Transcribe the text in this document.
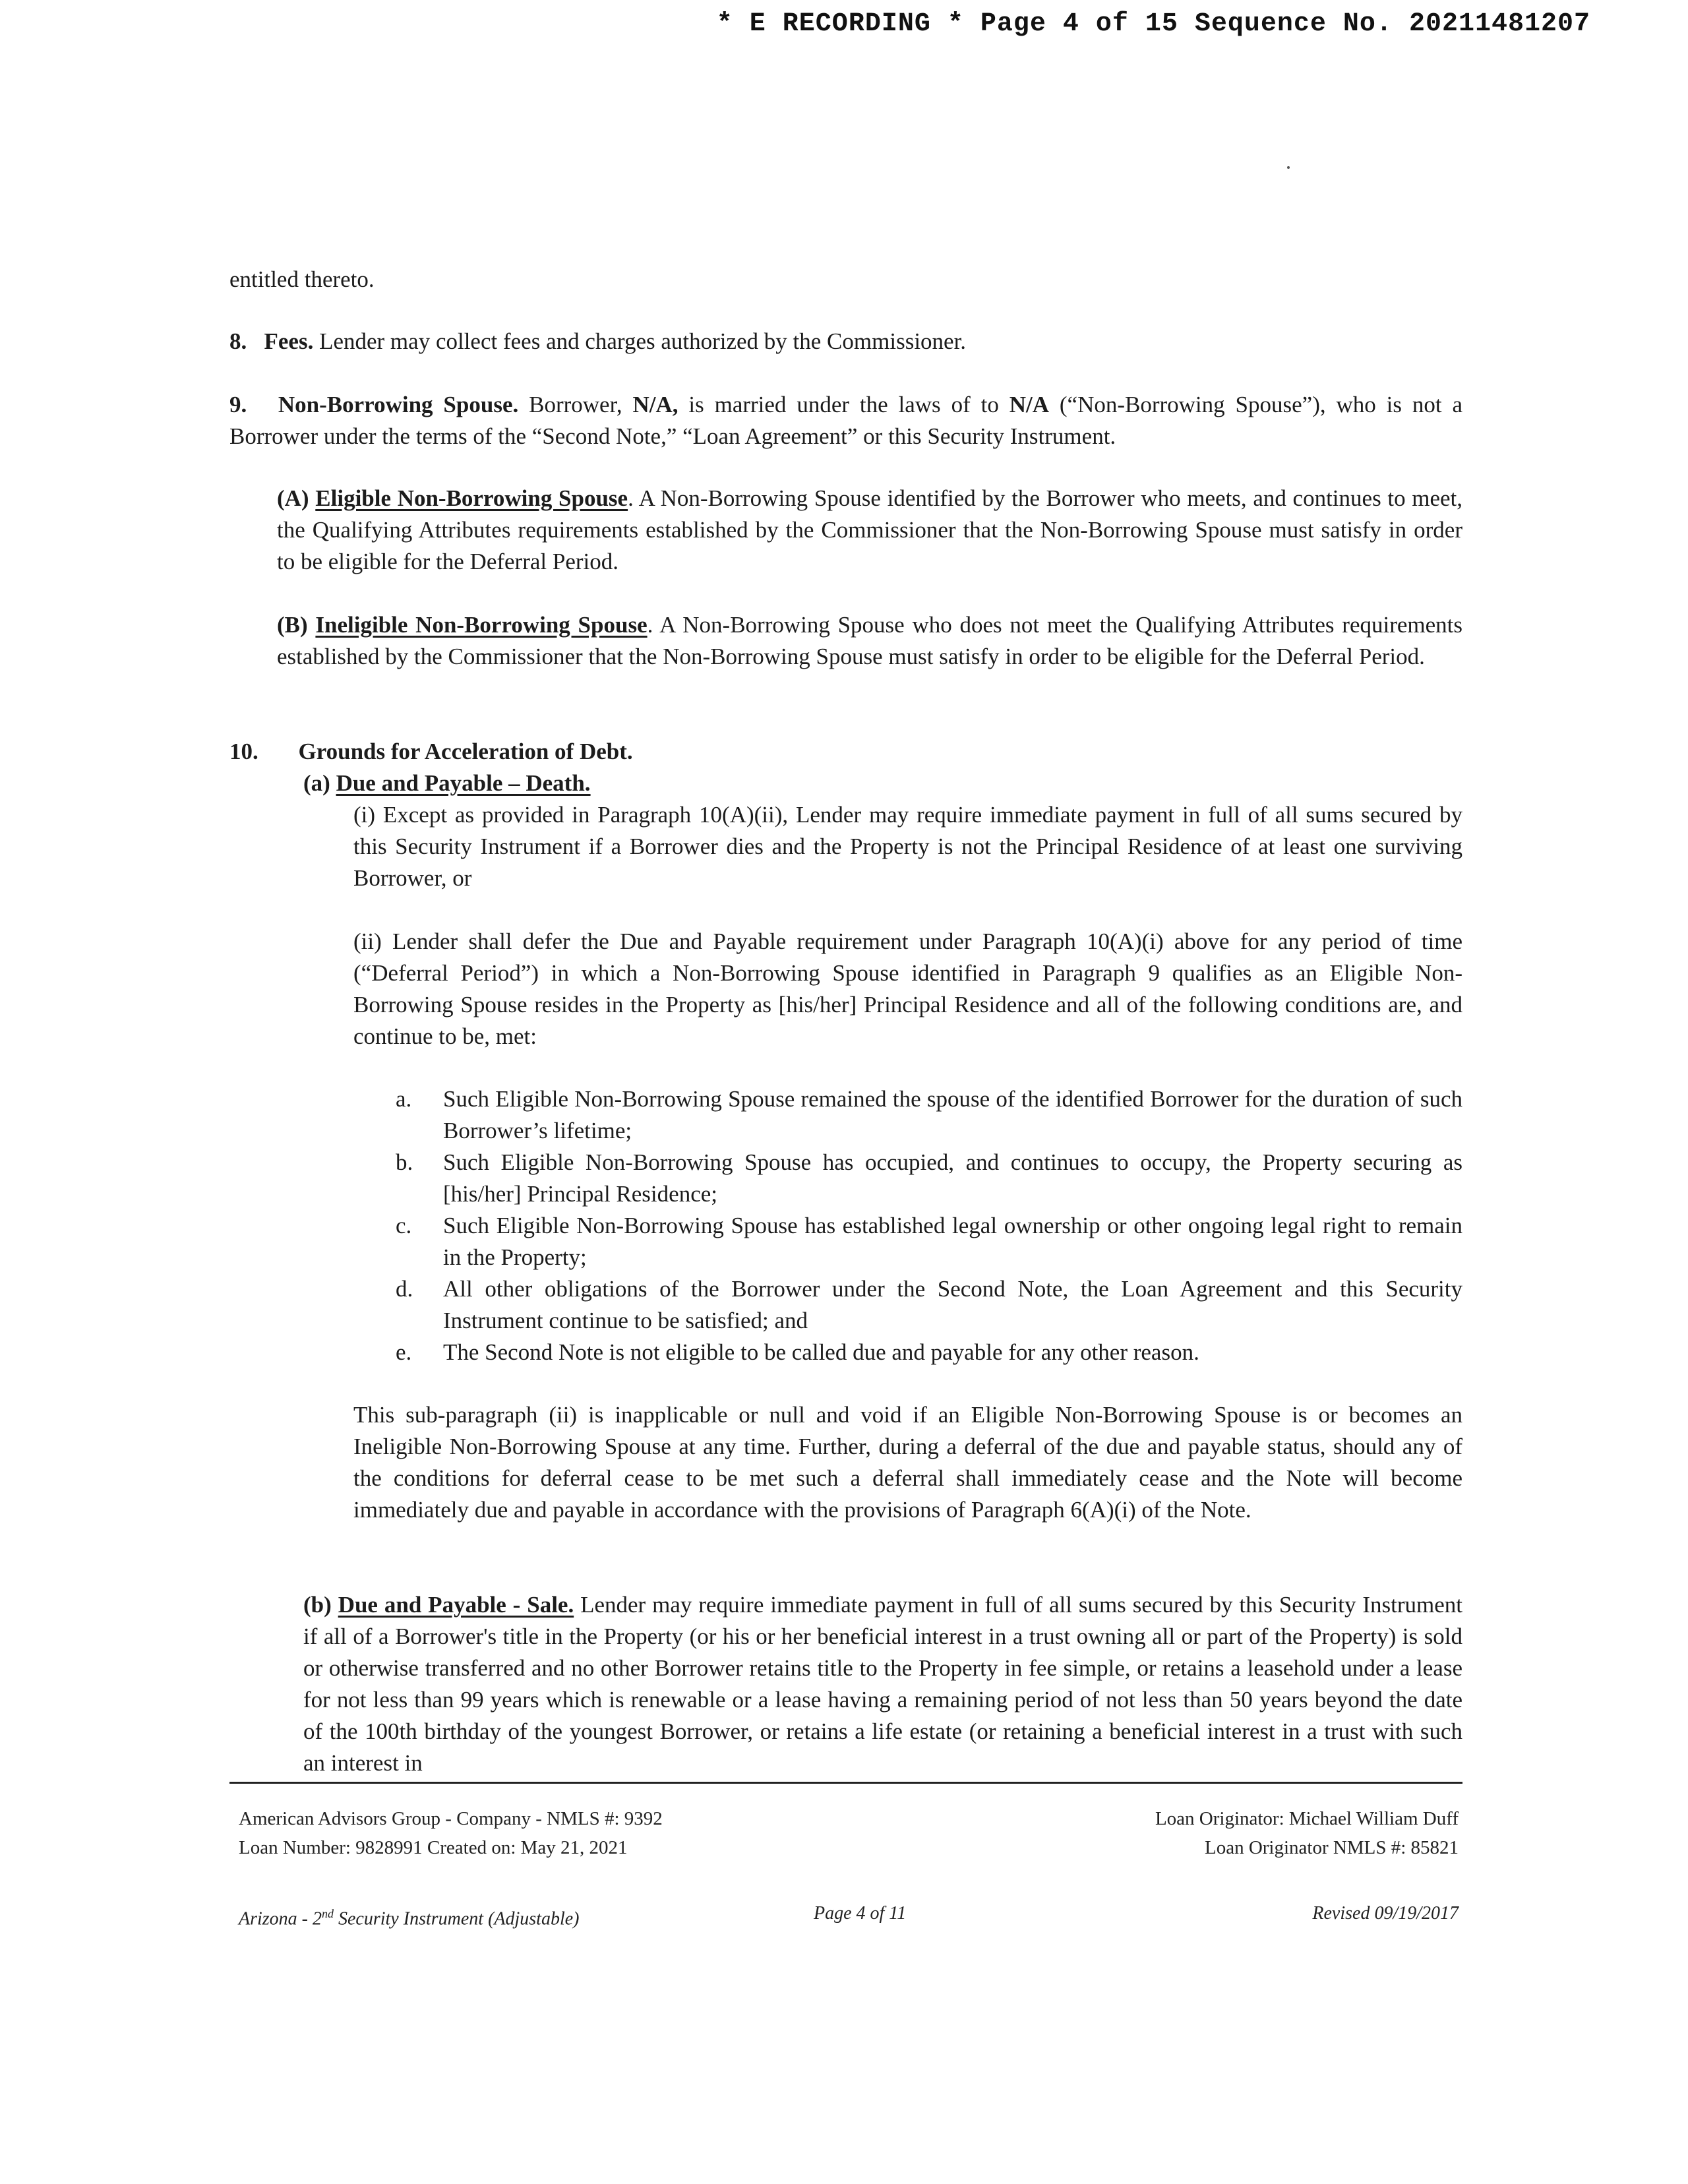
* E RECORDING * Page 4 of 15 Sequence No. 20211481207

entitled thereto.

8. Fees. Lender may collect fees and charges authorized by the Commissioner.

9. Non-Borrowing Spouse. Borrower, N/A, is married under the laws of to N/A (“Non-Borrowing Spouse”), who is not a Borrower under the terms of the “Second Note,” “Loan Agreement” or this Security Instrument.

(A) Eligible Non-Borrowing Spouse. A Non-Borrowing Spouse identified by the Borrower who meets, and continues to meet, the Qualifying Attributes requirements established by the Commissioner that the Non-Borrowing Spouse must satisfy in order to be eligible for the Deferral Period.

(B) Ineligible Non-Borrowing Spouse. A Non-Borrowing Spouse who does not meet the Qualifying Attributes requirements established by the Commissioner that the Non-Borrowing Spouse must satisfy in order to be eligible for the Deferral Period.

10. Grounds for Acceleration of Debt.

(a) Due and Payable – Death.

(i) Except as provided in Paragraph 10(A)(ii), Lender may require immediate payment in full of all sums secured by this Security Instrument if a Borrower dies and the Property is not the Principal Residence of at least one surviving Borrower, or

(ii) Lender shall defer the Due and Payable requirement under Paragraph 10(A)(i) above for any period of time (“Deferral Period”) in which a Non-Borrowing Spouse identified in Paragraph 9 qualifies as an Eligible Non-Borrowing Spouse resides in the Property as [his/her] Principal Residence and all of the following conditions are, and continue to be, met:

a. Such Eligible Non-Borrowing Spouse remained the spouse of the identified Borrower for the duration of such Borrower’s lifetime;

b. Such Eligible Non-Borrowing Spouse has occupied, and continues to occupy, the Property securing as [his/her] Principal Residence;

c. Such Eligible Non-Borrowing Spouse has established legal ownership or other ongoing legal right to remain in the Property;

d. All other obligations of the Borrower under the Second Note, the Loan Agreement and this Security Instrument continue to be satisfied; and

e. The Second Note is not eligible to be called due and payable for any other reason.

This sub-paragraph (ii) is inapplicable or null and void if an Eligible Non-Borrowing Spouse is or becomes an Ineligible Non-Borrowing Spouse at any time. Further, during a deferral of the due and payable status, should any of the conditions for deferral cease to be met such a deferral shall immediately cease and the Note will become immediately due and payable in accordance with the provisions of Paragraph 6(A)(i) of the Note.

(b) Due and Payable - Sale. Lender may require immediate payment in full of all sums secured by this Security Instrument if all of a Borrower's title in the Property (or his or her beneficial interest in a trust owning all or part of the Property) is sold or otherwise transferred and no other Borrower retains title to the Property in fee simple, or retains a leasehold under a lease for not less than 99 years which is renewable or a lease having a remaining period of not less than 50 years beyond the date of the 100th birthday of the youngest Borrower, or retains a life estate (or retaining a beneficial interest in a trust with such an interest in

American Advisors Group - Company - NMLS #: 9392
Loan Number: 9828991 Created on: May 21, 2021
Loan Originator: Michael William Duff
Loan Originator NMLS #: 85821
Arizona - 2nd Security Instrument (Adjustable)	Page 4 of 11	Revised 09/19/2017
